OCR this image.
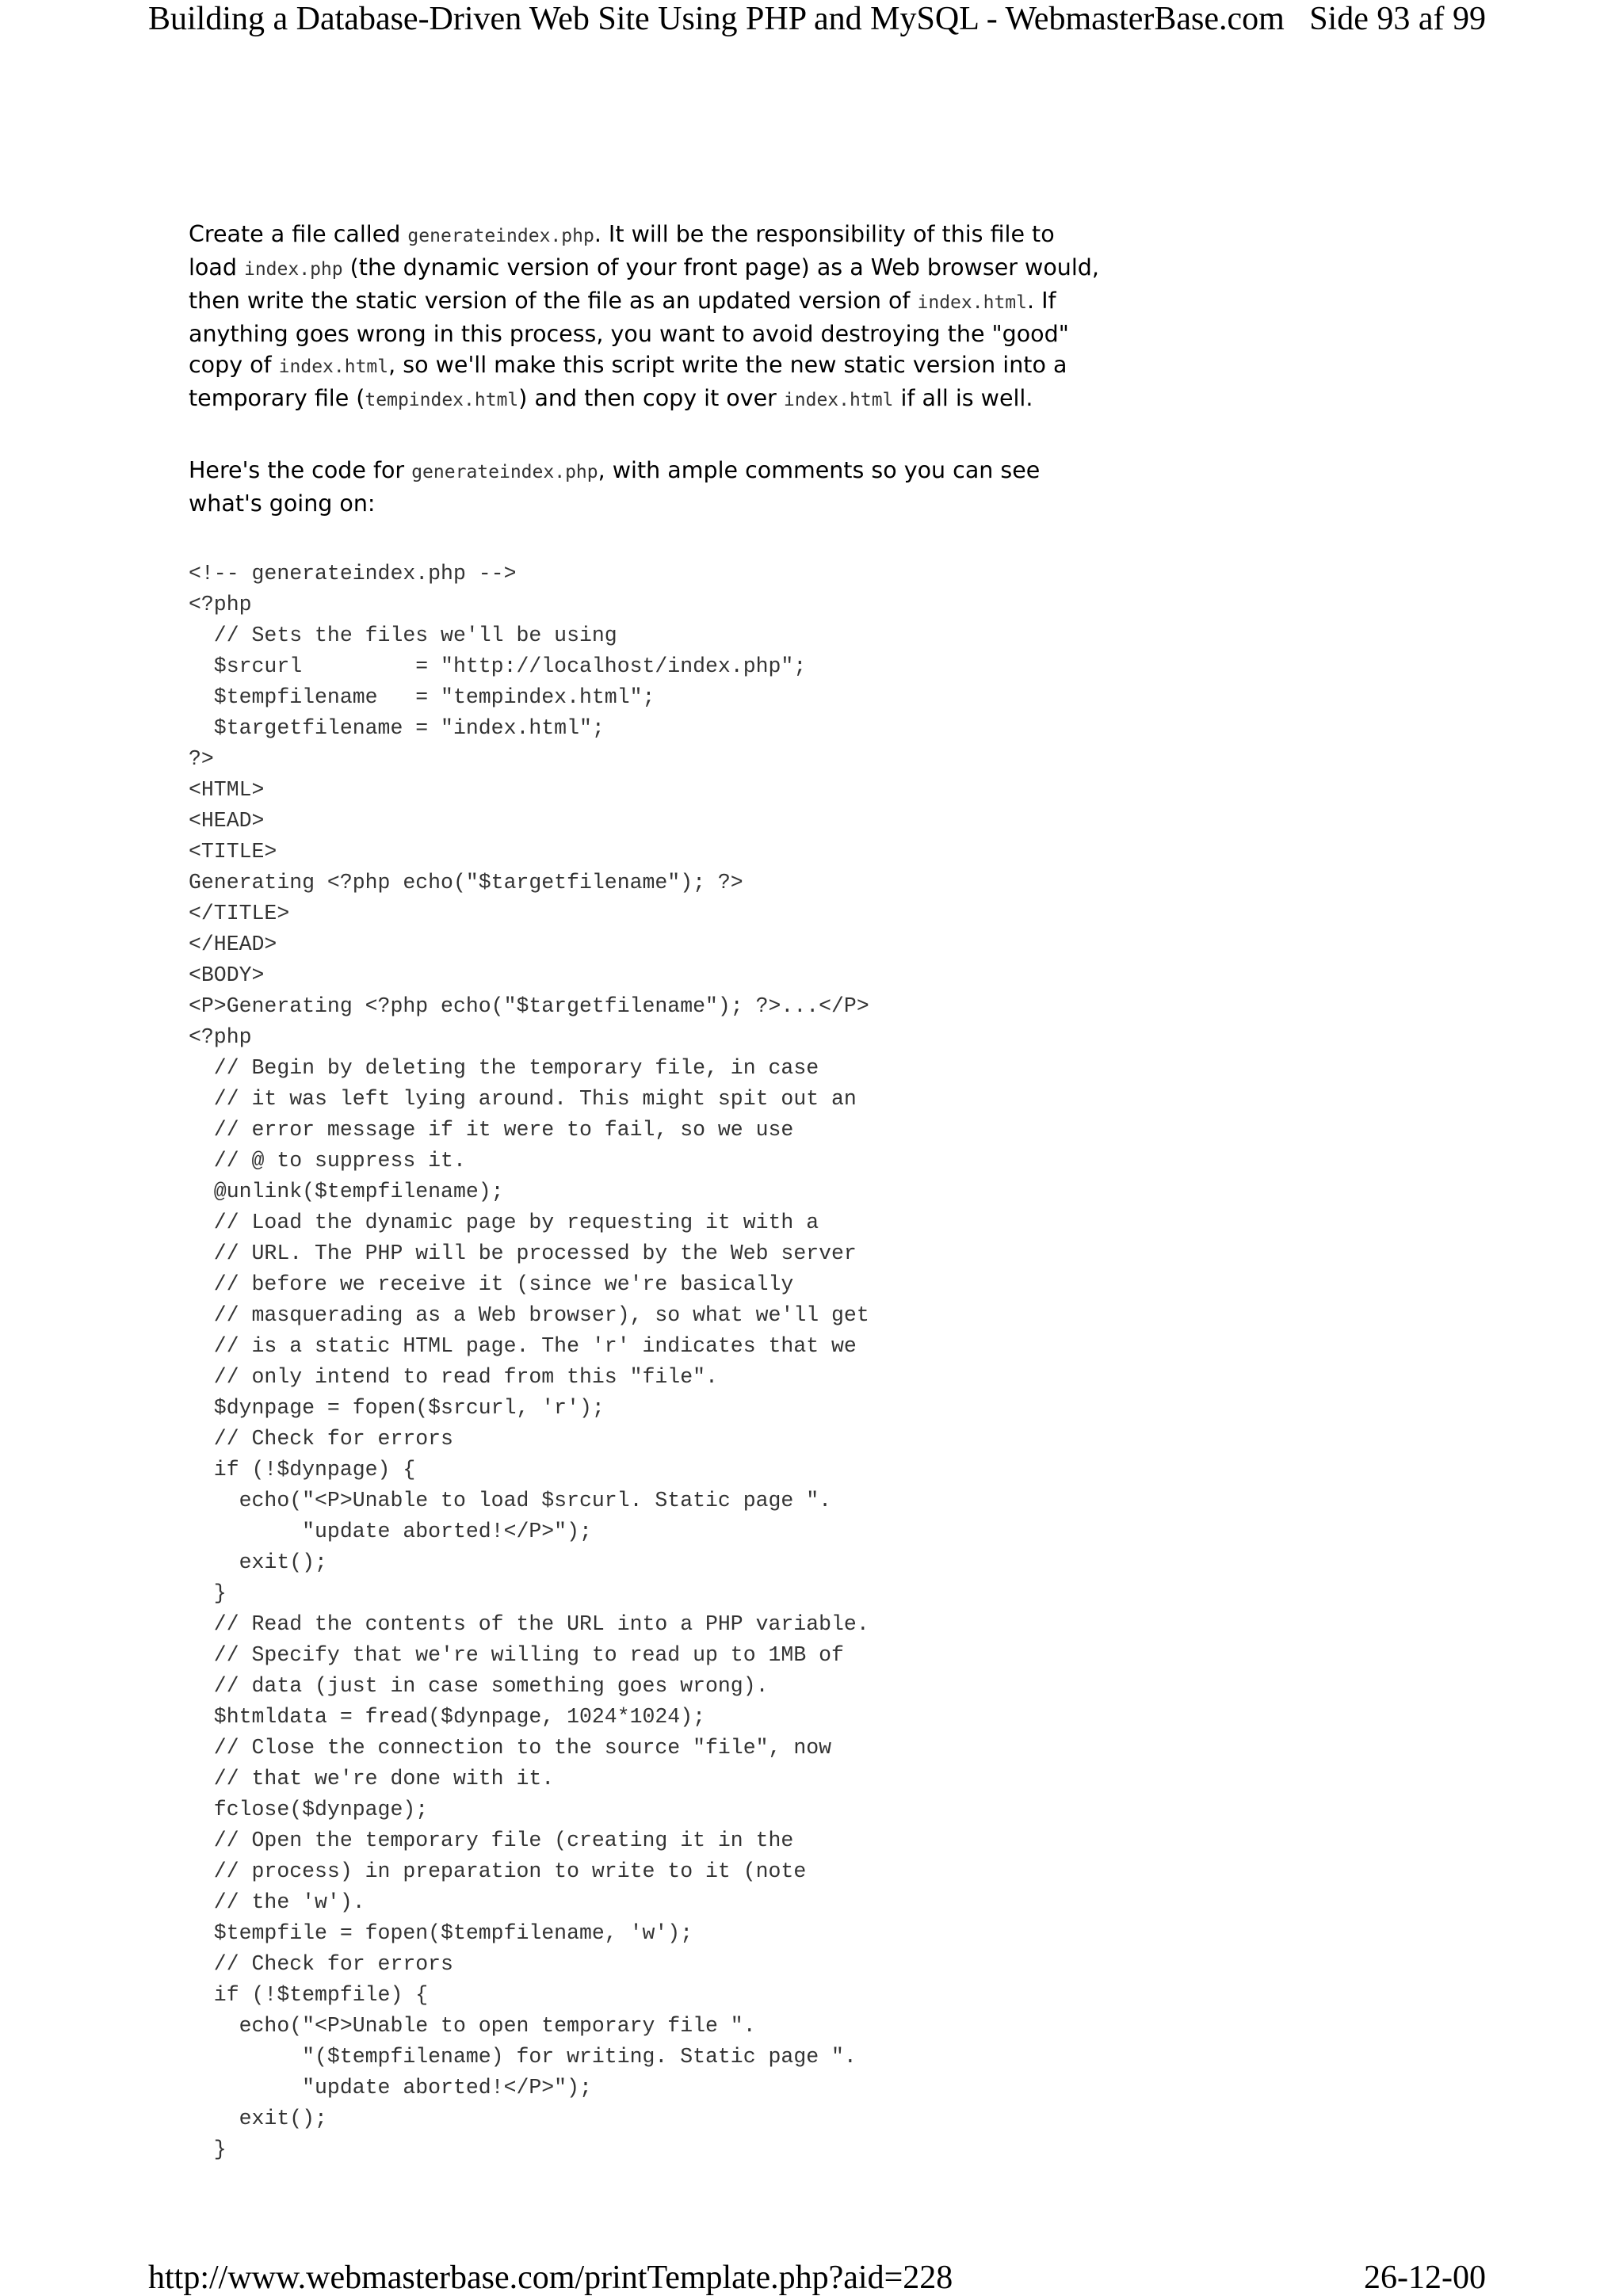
Building a Database-Driven Web Site Using PHP and MySQL - WebmasterBase.com Side 93 af 99

Create a file called generateindex.php. It will be the responsibility of this file to
load index.php (the dynamic version of your front page) as a Web browser would,
then write the static version of the file as an updated version of index.html. If
anything goes wrong in this process, you want to avoid destroying the "good"
copy of index.html, so we'll make this script write the new static version into a
temporary file (tempindex.html) and then copy it over index.html if all is well.

Here's the code for generateindex.php, with ample comments so you can see
what's going on:

<!-- generateindex.php -->
<?php
// Sets the files we'll be using
$srcurl         = "http://localhost/index.php";
$tempfilename   = "tempindex.html";
$targetfilename = "index.html";
?>
<HTML>
<HEAD>
<TITLE>
Generating <?php echo("$targetfilename"); ?>
</TITLE>
</HEAD>
<BODY>
<P>Generating <?php echo("$targetfilename"); ?>...</P>
<?php
// Begin by deleting the temporary file, in case
// it was left lying around. This might spit out an
// error message if it were to fail, so we use
// @ to suppress it.
@unlink($tempfilename);
// Load the dynamic page by requesting it with a
// URL. The PHP will be processed by the Web server
// before we receive it (since we're basically
// masquerading as a Web browser), so what we'll get
// is a static HTML page. The 'r' indicates that we
// only intend to read from this "file".
$dynpage = fopen($srcurl, 'r');
// Check for errors
if (!$dynpage) {
echo("<P>Unable to load $srcurl. Static page ".
"update aborted!</P>");
exit();
}
// Read the contents of the URL into a PHP variable.
// Specify that we're willing to read up to 1MB of
// data (just in case something goes wrong).
$htmldata = fread($dynpage, 1024*1024);
// Close the connection to the source "file", now
// that we're done with it.
fclose($dynpage);
// Open the temporary file (creating it in the
// process) in preparation to write to it (note
// the 'w').
$tempfile = fopen($tempfilename, 'w');
// Check for errors
if (!$tempfile) {
echo("<P>Unable to open temporary file ".
"($tempfilename) for writing. Static page ".
"update aborted!</P>");
exit();
}
http://www.webmasterbase.com/printTemplate.php?aid=228	26-12-00
